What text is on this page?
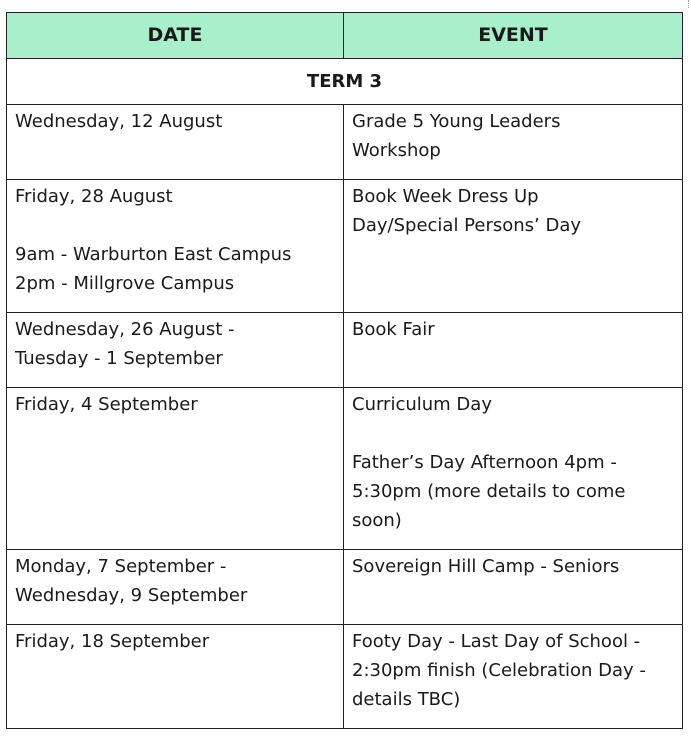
DATE	EVENT
TERM 3	

Wednesday, 12 August	Grade 5 Young Leaders
Workshop

Friday, 28 August
9am - Warburton East Campus
2pm - Millgrove Campus	Book Week Dress Up
Day/Special Persons’ Day

Wednesday, 26 August -
Tuesday - 1 September	Book Fair

Friday, 4 September	Curriculum Day
Father’s Day Afternoon 4pm -
5:30pm (more details to come
soon)

Monday, 7 September -
Wednesday, 9 September	Sovereign Hill Camp - Seniors

Friday, 18 September	Footy Day - Last Day of School -
2:30pm finish (Celebration Day -
details TBC)
